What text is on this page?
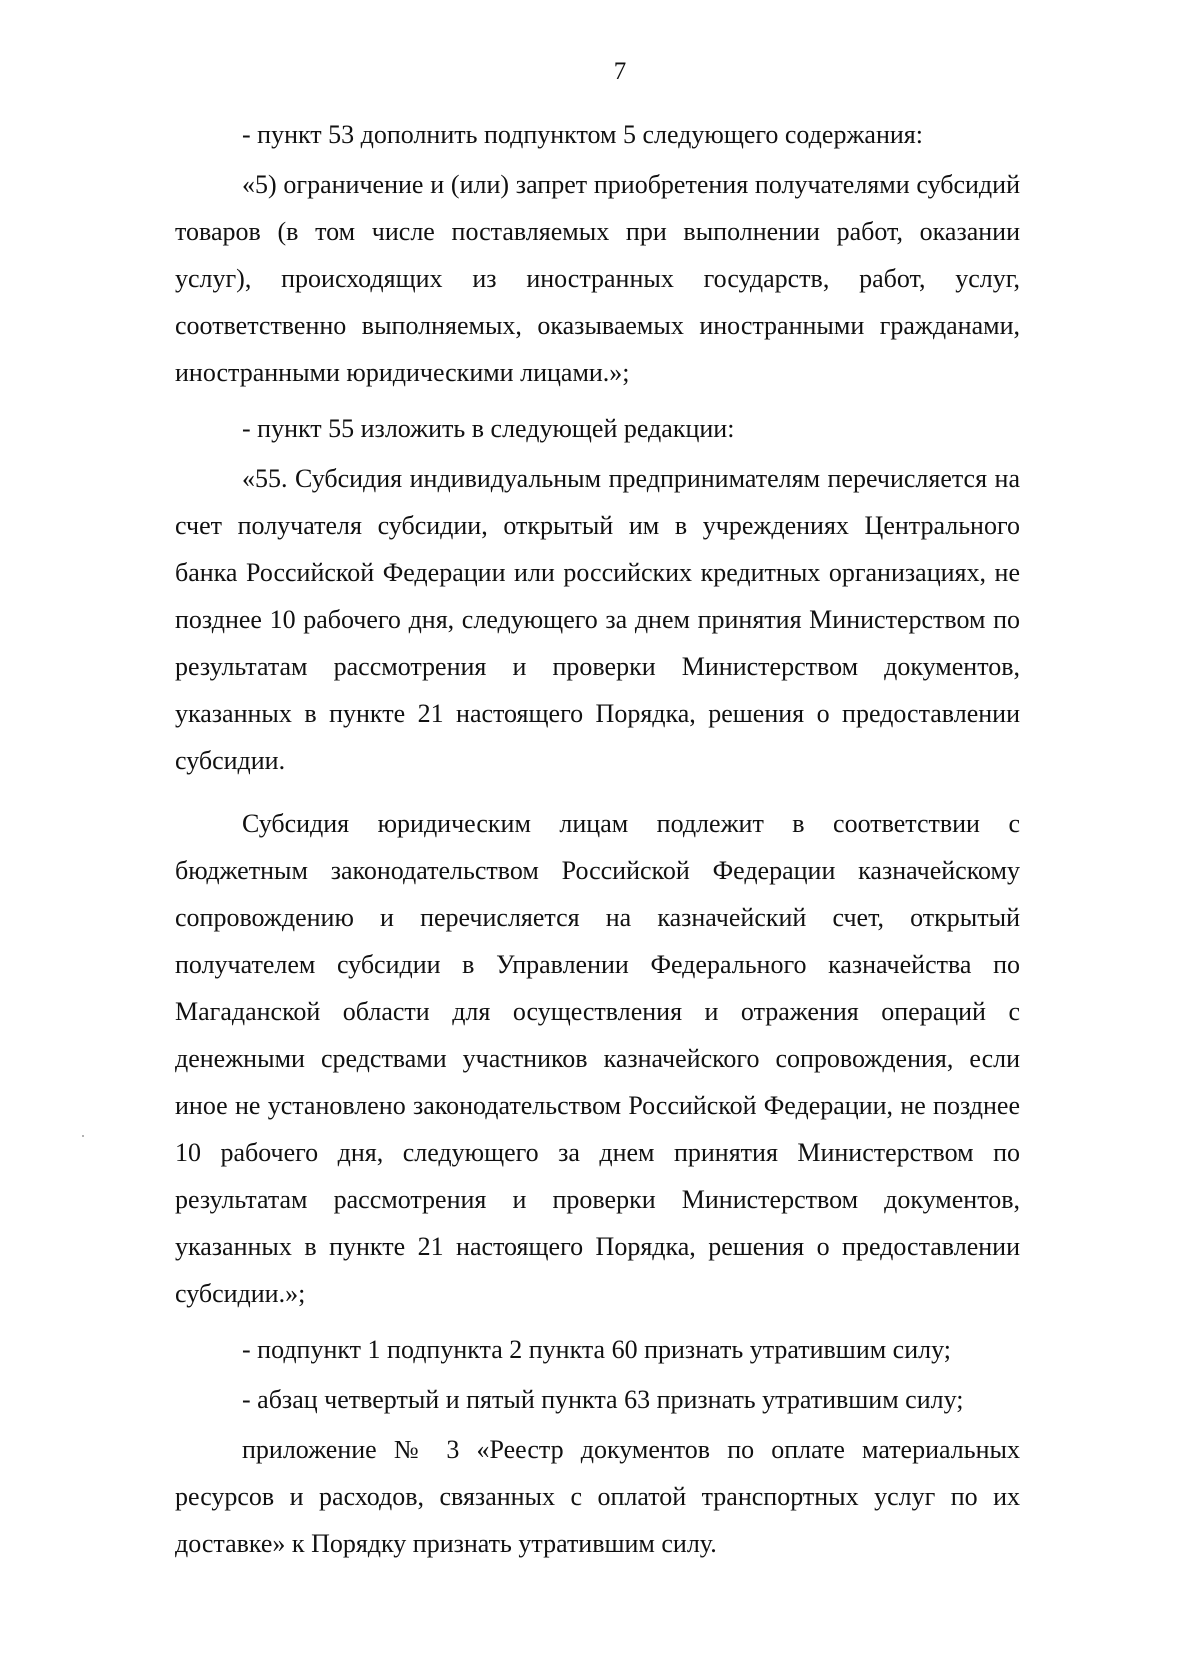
7

- пункт 53 дополнить подпунктом 5 следующего содержания:

«5) ограничение и (или) запрет приобретения получателями субсидий товаров (в том числе поставляемых при выполнении работ, оказании услуг), происходящих из иностранных государств, работ, услуг, соответственно выполняемых, оказываемых иностранными гражданами, иностранными юридическими лицами.»;

- пункт 55 изложить в следующей редакции:

«55. Субсидия индивидуальным предпринимателям перечисляется на счет получателя субсидии, открытый им в учреждениях Центрального банка Российской Федерации или российских кредитных организациях, не позднее 10 рабочего дня, следующего за днем принятия Министерством по результатам рассмотрения и проверки Министерством документов, указанных в пункте 21 настоящего Порядка, решения о предоставлении субсидии.

Субсидия юридическим лицам подлежит в соответствии с бюджетным законодательством Российской Федерации казначейскому сопровождению и перечисляется на казначейский счет, открытый получателем субсидии в Управлении Федерального казначейства по Магаданской области для осуществления и отражения операций с денежными средствами участников казначейского сопровождения, если иное не установлено законодательством Российской Федерации, не позднее 10 рабочего дня, следующего за днем принятия Министерством по результатам рассмотрения и проверки Министерством документов, указанных в пункте 21 настоящего Порядка, решения о предоставлении субсидии.»;

- подпункт 1 подпункта 2 пункта 60 признать утратившим силу;

- абзац четвертый и пятый пункта 63 признать утратившим силу;

приложение № 3 «Реестр документов по оплате материальных ресурсов и расходов, связанных с оплатой транспортных услуг по их доставке» к Порядку признать утратившим силу.
